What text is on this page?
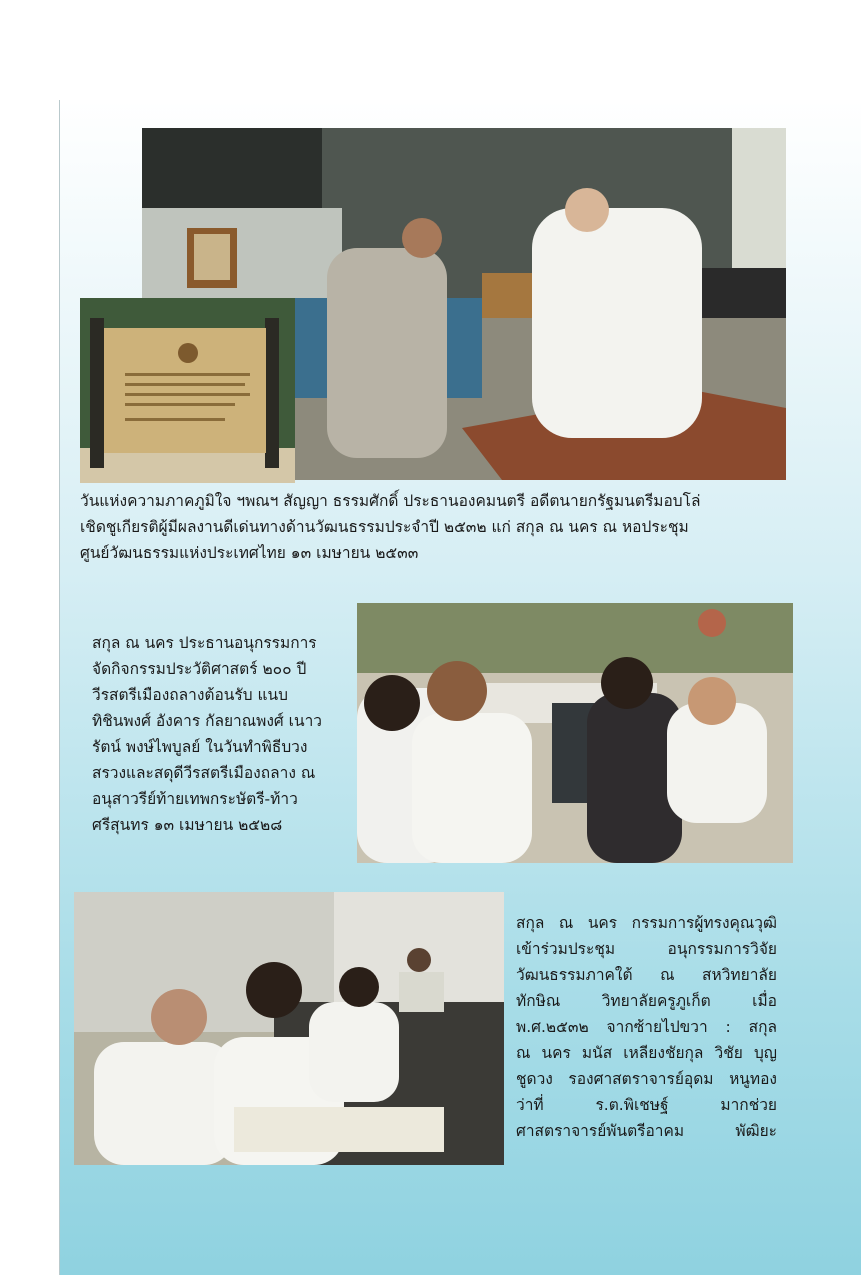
วันแห่งความภาคภูมิใจ ฯพณฯ สัญญา ธรรมศักดิ์ ประธานองคมนตรี อดีตนายกรัฐมนตรีมอบโล่
เชิดชูเกียรติผู้มีผลงานดีเด่นทางด้านวัฒนธรรมประจำปี ๒๕๓๒ แก่ สกุล ณ นคร ณ หอประชุม
ศูนย์วัฒนธรรมแห่งประเทศไทย ๑๓ เมษายน ๒๕๓๓
สกุล ณ นคร ประธานอนุกรรมการ
จัดกิจกรรมประวัติศาสตร์ ๒๐๐ ปี
วีรสตรีเมืองถลางต้อนรับ แนบ
ทิชินพงศ์ อังคาร กัลยาณพงศ์ เนาว
รัตน์ พงษ์ไพบูลย์ ในวันทำพิธีบวง
สรวงและสดุดีวีรสตรีเมืองถลาง ณ
อนุสาวรีย์ท้ายเทพกระษัตรี-ท้าว
ศรีสุนทร ๑๓ เมษายน ๒๕๒๘
สกุล ณ นคร กรรมการผู้ทรงคุณวุฒิ
เข้าร่วมประชุม อนุกรรมการวิจัย
วัฒนธรรมภาคใต้ ณ สหวิทยาลัย
ทักษิณ วิทยาลัยครูภูเก็ต เมื่อ
พ.ศ.๒๕๓๒ จากซ้ายไปขวา : สกุล
ณ นคร มนัส เหลียงชัยกุล วิชัย บุญ
ชูดวง รองศาสตราจารย์อุดม หนูทอง
ว่าที่ ร.ต.พิเชษฐ์ มากช่วย
ศาสตราจารย์พันตรีอาคม พัฒิยะ
